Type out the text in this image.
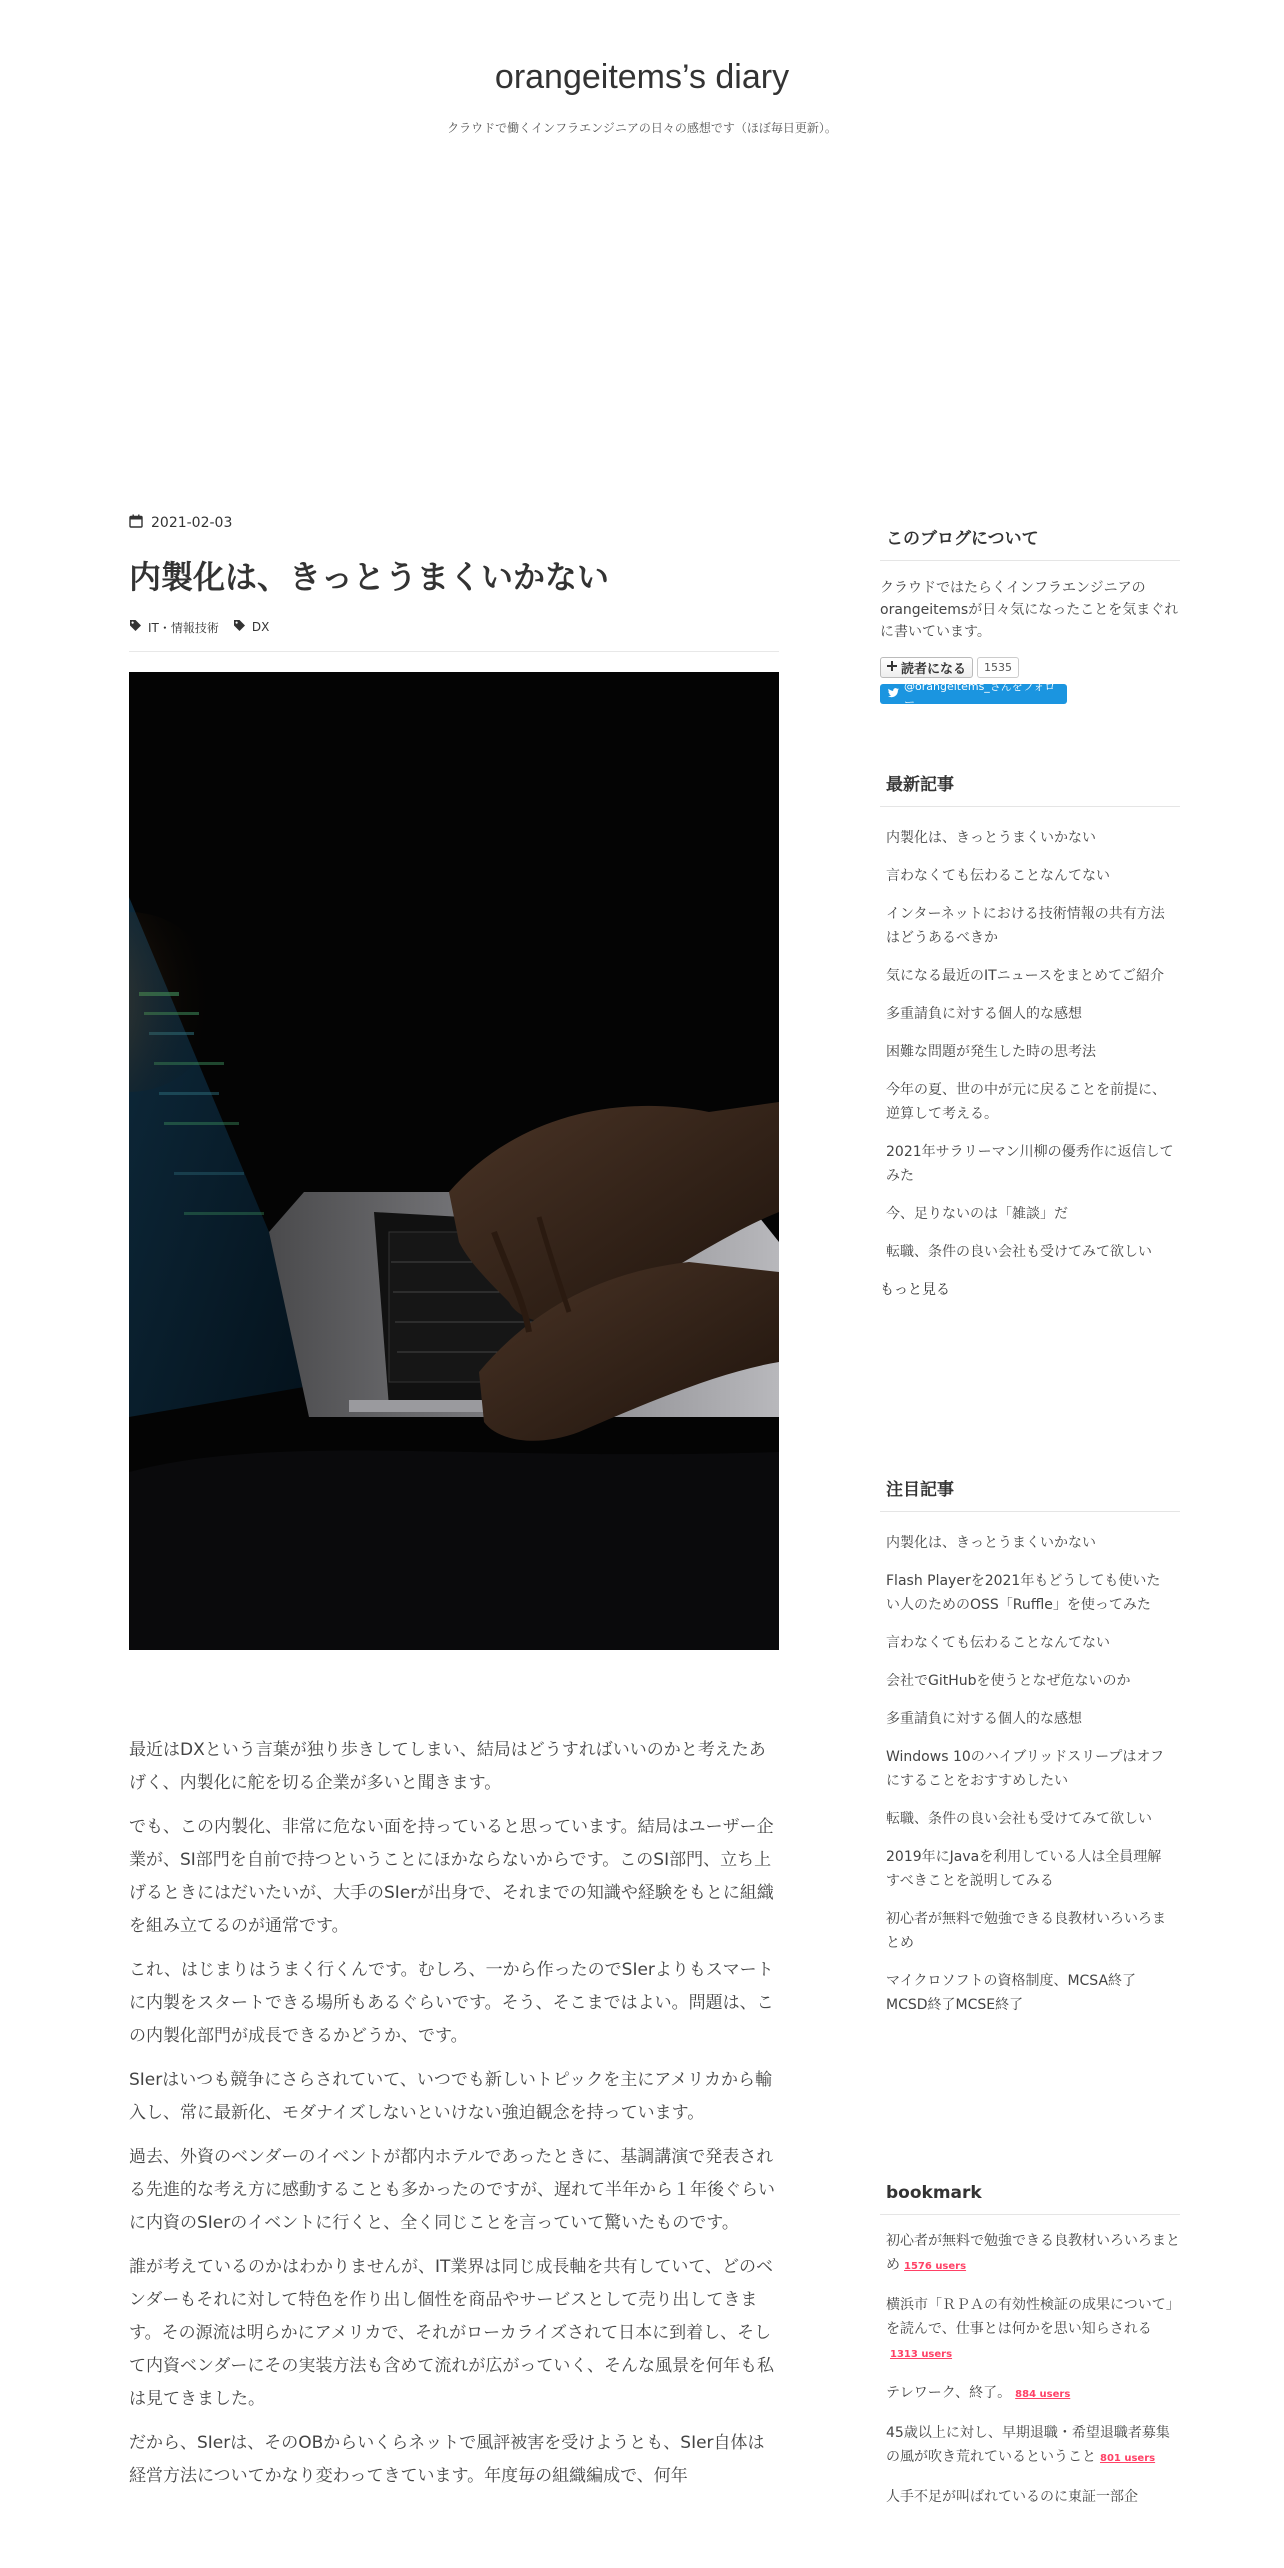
orangeitems’s diary

クラウドで働くインフラエンジニアの日々の感想です（ほぼ毎日更新）。

2021-02-03
内製化は、きっとうまくいかない
IT・情報技術	DX

最近はDXという言葉が独り歩きしてしまい、結局はどうすればいいのかと考えたあげく、内製化に舵を切る企業が多いと聞きます。

でも、この内製化、非常に危ない面を持っていると思っています。結局はユーザー企業が、SI部門を自前で持つということにほかならないからです。このSI部門、立ち上げるときにはだいたいが、大手のSIerが出身で、それまでの知識や経験をもとに組織を組み立てるのが通常です。

これ、はじまりはうまく行くんです。むしろ、一から作ったのでSIerよりもスマートに内製をスタートできる場所もあるぐらいです。そう、そこまではよい。問題は、この内製化部門が成長できるかどうか、です。

SIerはいつも競争にさらされていて、いつでも新しいトピックを主にアメリカから輸入し、常に最新化、モダナイズしないといけない強迫観念を持っています。

過去、外資のベンダーのイベントが都内ホテルであったときに、基調講演で発表される先進的な考え方に感動することも多かったのですが、遅れて半年から１年後ぐらいに内資のSIerのイベントに行くと、全く同じことを言っていて驚いたものです。

誰が考えているのかはわかりませんが、IT業界は同じ成長軸を共有していて、どのベンダーもそれに対して特色を作り出し個性を商品やサービスとして売り出してきます。その源流は明らかにアメリカで、それがローカライズされて日本に到着し、そして内資ベンダーにその実装方法も含めて流れが広がっていく、そんな風景を何年も私は見てきました。

だから、SIerは、そのOBからいくらネットで風評被害を受けようとも、SIer自体は経営方法についてかなり変わってきています。年度毎の組織編成で、何年

このブログについて

クラウドではたらくインフラエンジニアのorangeitemsが日々気になったことを気まぐれに書いています。

読者になる	1535
@orangeitems_さんをフォロー
最新記事
内製化は、きっとうまくいかない
言わなくても伝わることなんてない
インターネットにおける技術情報の共有方法はどうあるべきか
気になる最近のITニュースをまとめてご紹介
多重請負に対する個人的な感想
困難な問題が発生した時の思考法
今年の夏、世の中が元に戻ることを前提に、逆算して考える。
2021年サラリーマン川柳の優秀作に返信してみた
今、足りないのは「雑談」だ
転職、条件の良い会社も受けてみて欲しい
もっと見る
注目記事
内製化は、きっとうまくいかない
Flash Playerを2021年もどうしても使いたい人のためのOSS「Ruffle」を使ってみた
言わなくても伝わることなんてない
会社でGitHubを使うとなぜ危ないのか
多重請負に対する個人的な感想
Windows 10のハイブリッドスリープはオフにすることをおすすめしたい
転職、条件の良い会社も受けてみて欲しい
2019年にJavaを利用している人は全員理解すべきことを説明してみる
初心者が無料で勉強できる良教材いろいろまとめ
マイクロソフトの資格制度、MCSA終了MCSD終了MCSE終了
bookmark
初心者が無料で勉強できる良教材いろいろまとめ 1576 users
横浜市「ＲＰＡの有効性検証の成果について」を読んで、仕事とは何かを思い知らされる1313 users
テレワーク、終了。 884 users
45歳以上に対し、早期退職・希望退職者募集の風が吹き荒れているということ 801 users
人手不足が叫ばれているのに東証一部企
